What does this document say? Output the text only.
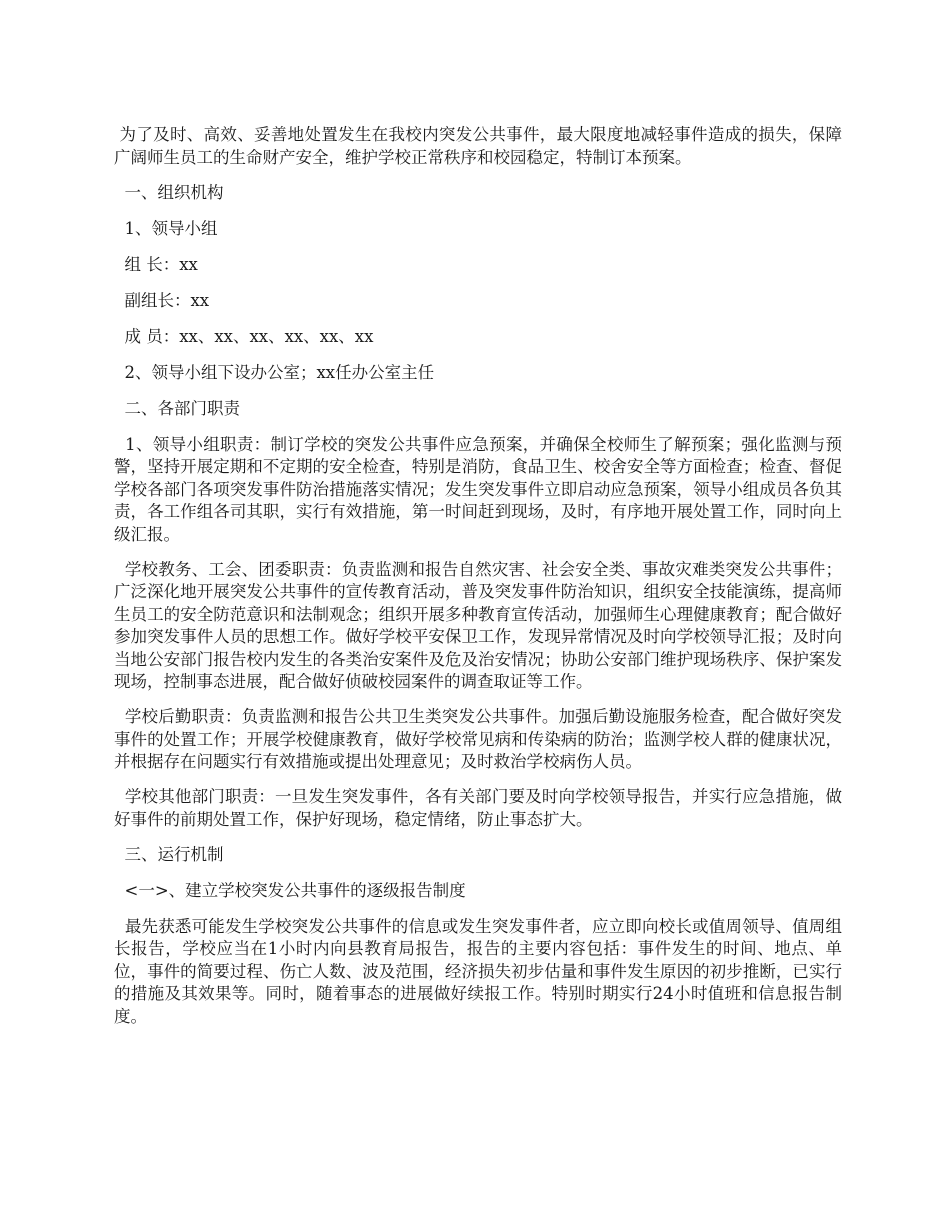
为了及时、高效、妥善地处置发生在我校内突发公共事件，最大限度地减轻事件造成的损失，保障广阔师生员工的生命财产安全，维护学校正常秩序和校园稳定，特制订本预案。

一、组织机构

1、领导小组

组 长：xx

副组长：xx

成 员：xx、xx、xx、xx、xx、xx

2、领导小组下设办公室；xx任办公室主任

二、各部门职责

1、领导小组职责：制订学校的突发公共事件应急预案，并确保全校师生了解预案；强化监测与预警，坚持开展定期和不定期的安全检查，特别是消防，食品卫生、校舍安全等方面检查；检查、督促学校各部门各项突发事件防治措施落实情况；发生突发事件立即启动应急预案，领导小组成员各负其责，各工作组各司其职，实行有效措施，第一时间赶到现场，及时，有序地开展处置工作，同时向上级汇报。

学校教务、工会、团委职责：负责监测和报告自然灾害、社会安全类、事故灾难类突发公共事件；广泛深化地开展突发公共事件的宣传教育活动，普及突发事件防治知识，组织安全技能演练，提高师生员工的安全防范意识和法制观念；组织开展多种教育宣传活动，加强师生心理健康教育；配合做好参加突发事件人员的思想工作。做好学校平安保卫工作，发现异常情况及时向学校领导汇报；及时向当地公安部门报告校内发生的各类治安案件及危及治安情况；协助公安部门维护现场秩序、保护案发现场，控制事态进展，配合做好侦破校园案件的调查取证等工作。

学校后勤职责：负责监测和报告公共卫生类突发公共事件。加强后勤设施服务检查，配合做好突发事件的处置工作；开展学校健康教育，做好学校常见病和传染病的防治；监测学校人群的健康状况，并根据存在问题实行有效措施或提出处理意见；及时救治学校病伤人员。

学校其他部门职责：一旦发生突发事件，各有关部门要及时向学校领导报告，并实行应急措施，做好事件的前期处置工作，保护好现场，稳定情绪，防止事态扩大。

三、运行机制

<一>、建立学校突发公共事件的逐级报告制度

最先获悉可能发生学校突发公共事件的信息或发生突发事件者，应立即向校长或值周领导、值周组长报告，学校应当在1小时内向县教育局报告，报告的主要内容包括：事件发生的时间、地点、单位，事件的简要过程、伤亡人数、波及范围，经济损失初步估量和事件发生原因的初步推断，已实行的措施及其效果等。同时，随着事态的进展做好续报工作。特别时期实行24小时值班和信息报告制度。
